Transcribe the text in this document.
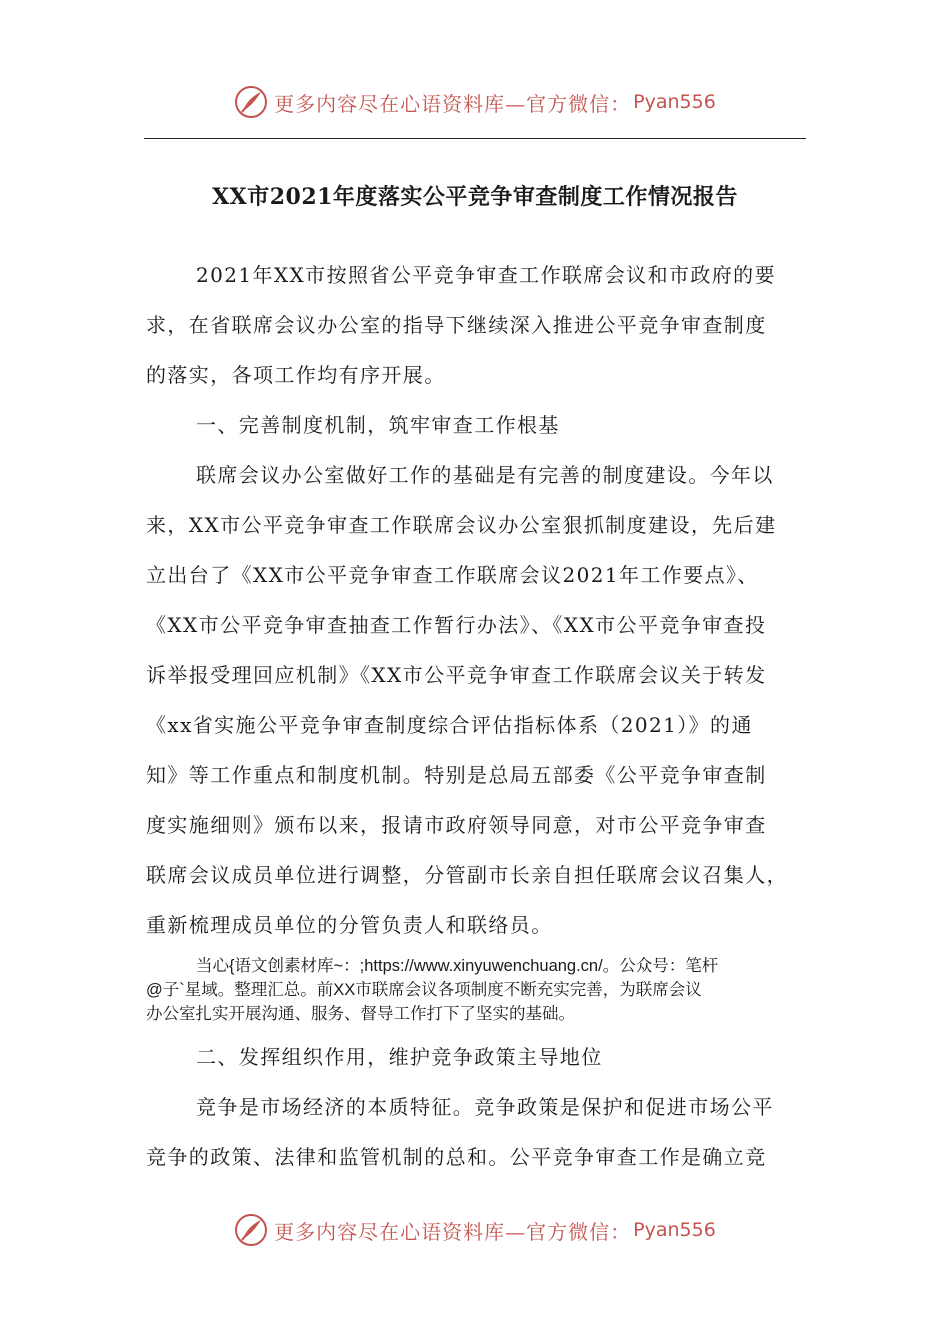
更多内容尽在心语资料库—官方微信： Pyan556
XX市2021年度落实公平竞争审查制度工作情况报告
2021年XX市按照省公平竞争审查工作联席会议和市政府的要
求，在省联席会议办公室的指导下继续深入推进公平竞争审查制度
的落实，各项工作均有序开展。
一、完善制度机制，筑牢审查工作根基
联席会议办公室做好工作的基础是有完善的制度建设。今年以
来，XX市公平竞争审查工作联席会议办公室狠抓制度建设，先后建
立出台了《XX市公平竞争审查工作联席会议2021年工作要点》、
《XX市公平竞争审查抽查工作暂行办法》、《XX市公平竞争审查投
诉举报受理回应机制》《XX市公平竞争审查工作联席会议关于转发
《xx省实施公平竞争审查制度综合评估指标体系（2021）》的通
知》等工作重点和制度机制。特别是总局五部委《公平竞争审查制
度实施细则》颁布以来，报请市政府领导同意，对市公平竞争审查
联席会议成员单位进行调整，分管副市长亲自担任联席会议召集人，
重新梳理成员单位的分管负责人和联络员。
当心{语文创素材库~：;https://www.xinyuwenchuang.cn/。公众号：笔杆
@子`星域。整理汇总。前XX市联席会议各项制度不断充实完善，为联席会议
办公室扎实开展沟通、服务、督导工作打下了坚实的基础。
二、发挥组织作用，维护竞争政策主导地位
竞争是市场经济的本质特征。竞争政策是保护和促进市场公平
竞争的政策、法律和监管机制的总和。公平竞争审查工作是确立竞
更多内容尽在心语资料库—官方微信： Pyan556
